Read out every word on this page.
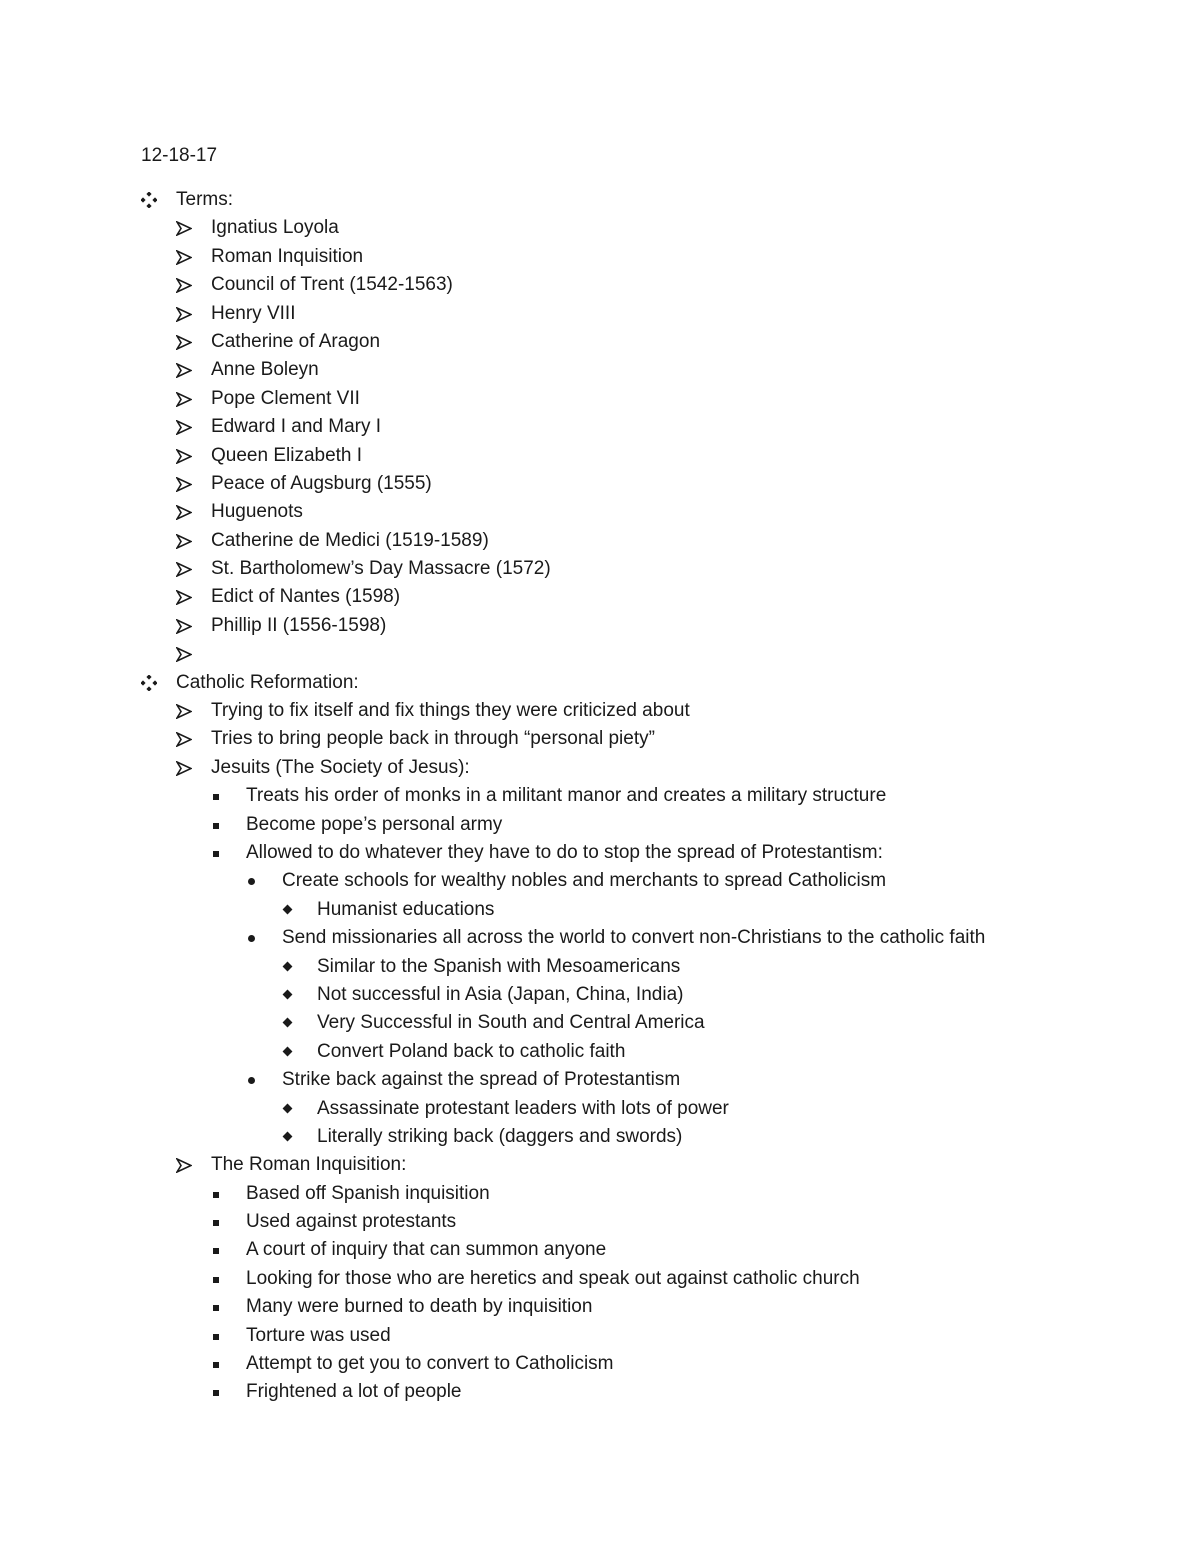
12-18-17
Terms:
Ignatius Loyola
Roman Inquisition
Council of Trent (1542-1563)
Henry VIII
Catherine of Aragon
Anne Boleyn
Pope Clement VII
Edward I and Mary I
Queen Elizabeth I
Peace of Augsburg (1555)
Huguenots
Catherine de Medici (1519-1589)
St. Bartholomew’s Day Massacre (1572)
Edict of Nantes (1598)
Phillip II (1556-1598)
Catholic Reformation:
Trying to fix itself and fix things they were criticized about
Tries to bring people back in through “personal piety”
Jesuits (The Society of Jesus):
Treats his order of monks in a militant manor and creates a military structure
Become pope’s personal army
Allowed to do whatever they have to do to stop the spread of Protestantism:
Create schools for wealthy nobles and merchants to spread Catholicism
Humanist educations
Send missionaries all across the world to convert non-Christians to the catholic faith
Similar to the Spanish with Mesoamericans
Not successful in Asia (Japan, China, India)
Very Successful in South and Central America
Convert Poland back to catholic faith
Strike back against the spread of Protestantism
Assassinate protestant leaders with lots of power
Literally striking back (daggers and swords)
The Roman Inquisition:
Based off Spanish inquisition
Used against protestants
A court of inquiry that can summon anyone
Looking for those who are heretics and speak out against catholic church
Many were burned to death by inquisition
Torture was used
Attempt to get you to convert to Catholicism
Frightened a lot of people
